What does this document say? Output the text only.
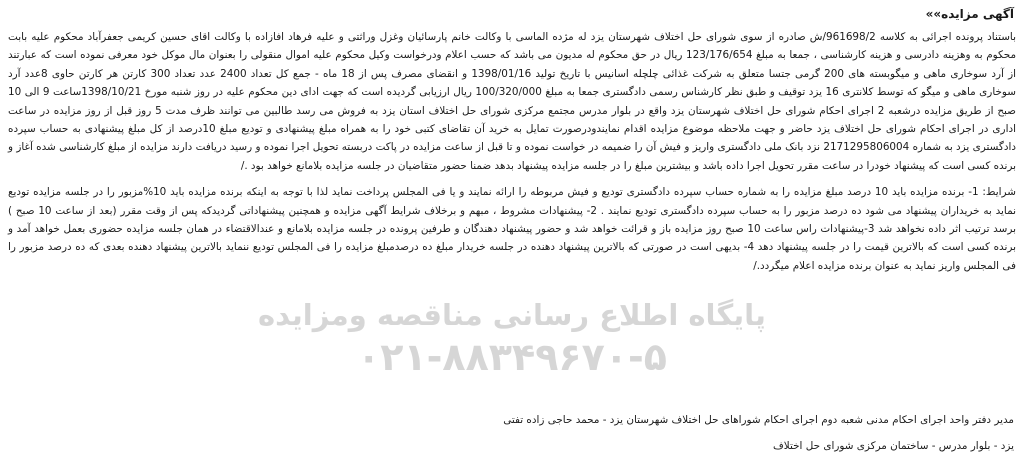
پایگاه اطلاع رسانی مناقصه ومزایده
۰۲۱-۸۸۳۴۹۶۷۰-۵
آگهی مزایده»»
باستناد پرونده اجرائی به کلاسه 961698/2/ش صادره از سوی شورای حل اختلاف شهرستان یزد له مژده الماسی با وکالت خانم پارسائیان وغزل وراثتی و علیه فرهاد افازاده با وکالت اقای حسین کریمی جعفرآباد محکوم علیه بابت محکوم به وهزینه دادرسی و هزینه کارشناسی ، جمعا به مبلغ 123/176/654 ریال در حق محکوم له مدیون می باشد که حسب اعلام ودرخواست وکیل محکوم علیه اموال منقولی را بعنوان مال موکل خود معرفی نموده است که عبارتند از آرد سوخاری ماهی و میگوبسته های 200 گرمی جتسا متعلق به شرکت غذائی چلچله اسانیس با تاریخ تولید 1398/01/16 و انقضای مصرف پس از 18 ماه - جمع کل تعداد 2400 عدد تعداد 300 کارتن هر کارتن حاوی 8عدد آرد سوخاری ماهی و میگو که توسط کلانتری 16 یزد توقیف و طبق نظر کارشناس رسمی دادگستری جمعا به مبلغ 100/320/000 ریال ارزیابی گردیده است که جهت ادای دین محکوم علیه در روز شنبه مورخ 1398/10/21ساعت 9 الی 10 صبح از طریق مزایده درشعبه 2 اجرای احکام شورای حل اختلاف شهرستان یزد واقع در بلوار مدرس مجتمع مرکزی شورای حل اختلاف استان یزد به فروش می رسد طالبین می توانند ظرف مدت 5 روز قبل از روز مزایده در ساعت اداری در اجرای احکام شورای حل اختلاف یزد حاضر و جهت ملاحظه موضوع مزایده اقدام نمایندودرصورت تمایل به خرید آن تقاضای کتبی خود را به همراه مبلغ پیشنهادی و تودیع مبلغ 10درصد از کل مبلغ پیشنهادی به حساب سپرده دادگستری یزد به شماره 2171295806004 نزد بانک ملی دادگستری واریز و فیش آن را ضمیمه در خواست نموده و تا قبل از ساعت مزایده در پاکت دربسته تحویل اجرا نموده و رسید دریافت دارند مزایده از مبلغ کارشناسی شده آغاز و برنده کسی است که پیشنهاد خودرا در ساعت مقرر تحویل اجرا داده باشد و بیشترین مبلغ را در جلسه مزایده پیشنهاد بدهد ضمنا حضور متقاضیان در جلسه مزایده بلامانع خواهد بود ./
شرایط: 1- برنده مزایده باید 10 درصد مبلغ مزایده را به شماره حساب سپرده دادگستری تودیع و فیش مربوطه را ارائه نمایند و یا فی المجلس پرداخت نماید لذا با توجه به اینکه برنده مزایده باید 10%مزبور را در جلسه مزایده تودیع نماید به خریداران پیشنهاد می شود ده درصد مزبور را به حساب سپرده دادگستری تودیع نمایند . 2- پیشنهادات مشروط ، مبهم و برخلاف شرایط آگهی مزایده و همچنین پیشنهاداتی گردیدکه پس از وقت مقرر (بعد از ساعت 10 صبح ) برسد ترتیب اثر داده نخواهد شد 3-پیشنهادات راس ساعت 10 صبح روز مزایده باز و قرائت خواهد شد و حضور پیشنهاد دهندگان و طرفین پرونده در جلسه مزایده بلامانع و عندالاقتضاء در همان جلسه مزایده حضوری بعمل خواهد آمد و برنده کسی است که بالاترین قیمت را در جلسه پیشنهاد دهد 4- بدیهی است در صورتی که بالاترین پیشنهاد دهنده در جلسه خریدار مبلغ ده درصدمبلغ مزایده را فی المجلس تودیع ننماید بالاترین پیشنهاد دهنده بعدی که ده درصد مزبور را فی المجلس واریز نماید به عنوان برنده مزایده اعلام میگردد./
مدیر دفتر واحد اجرای احکام مدنی شعبه دوم اجرای احکام شوراهای حل اختلاف شهرستان یزد - محمد حاجی زاده تفتی
یزد - بلوار مدرس - ساختمان مرکزی شورای حل اختلاف
